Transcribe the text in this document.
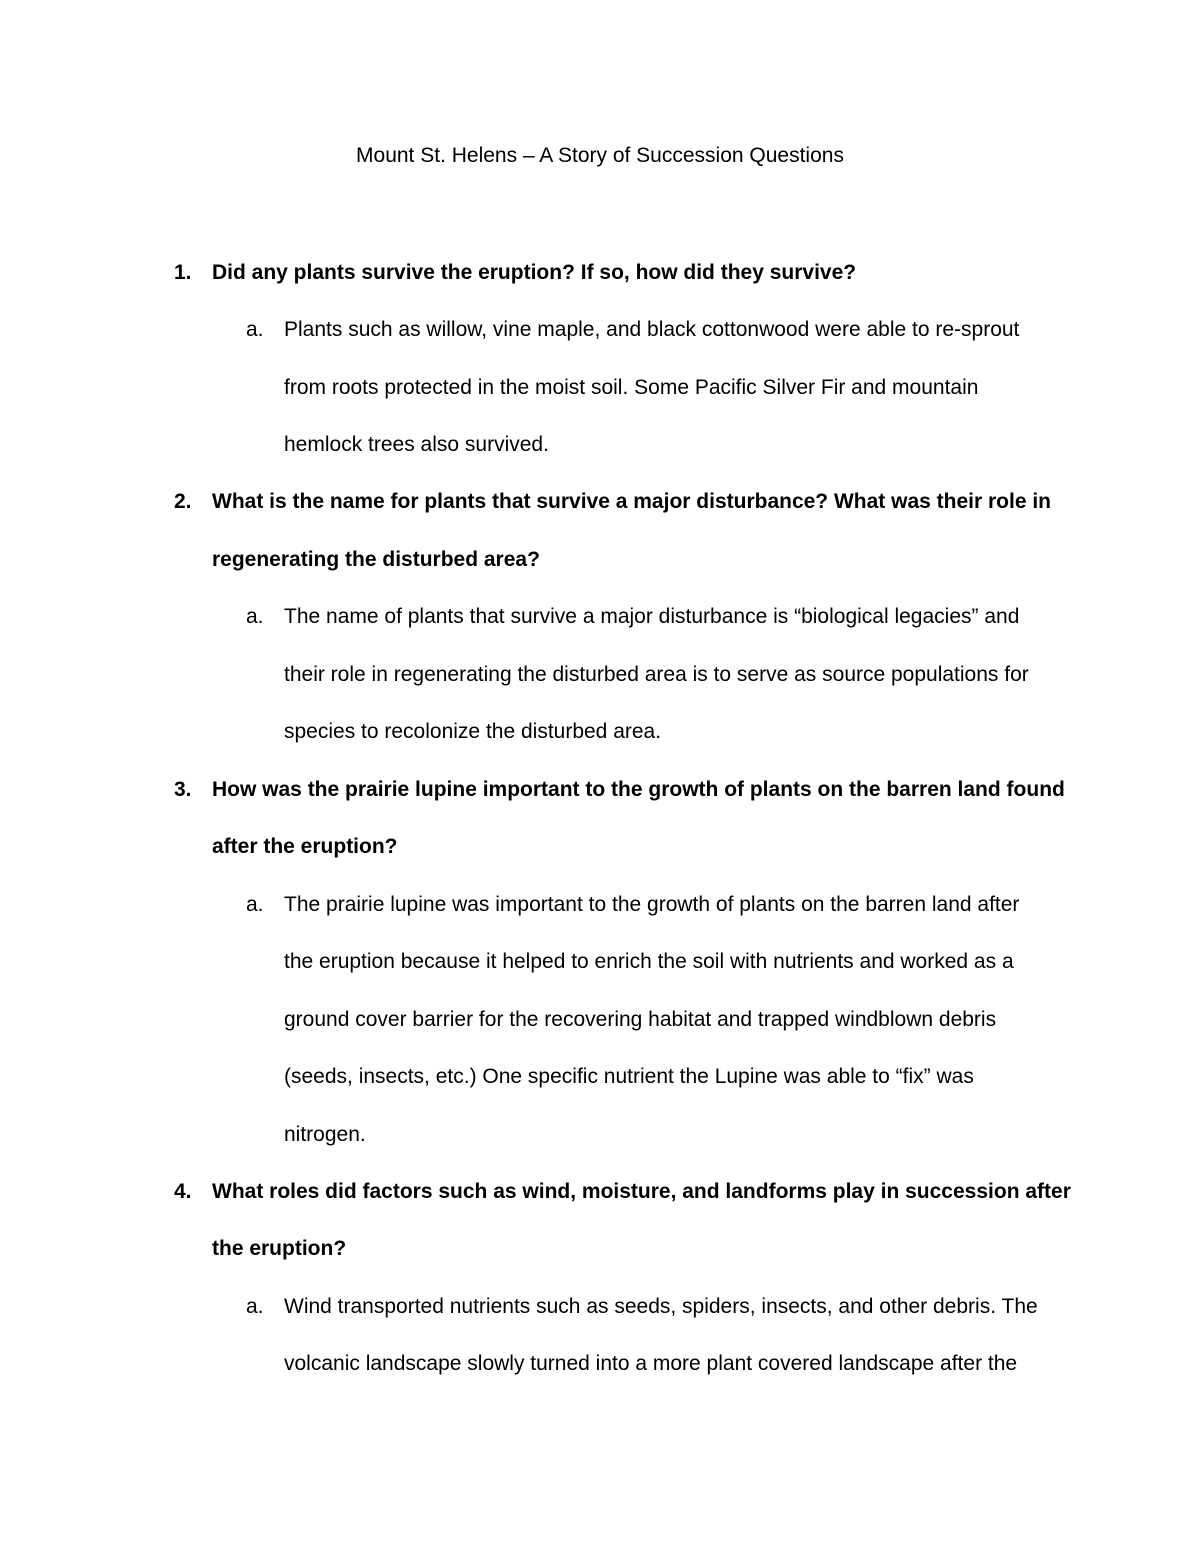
Mount St. Helens – A Story of Succession Questions
1. Did any plants survive the eruption? If so, how did they survive?
a. Plants such as willow, vine maple, and black cottonwood were able to re-sprout
from roots protected in the moist soil. Some Pacific Silver Fir and mountain
hemlock trees also survived.
2. What is the name for plants that survive a major disturbance? What was their role in
regenerating the disturbed area?
a. The name of plants that survive a major disturbance is “biological legacies” and
their role in regenerating the disturbed area is to serve as source populations for
species to recolonize the disturbed area.
3. How was the prairie lupine important to the growth of plants on the barren land found
after the eruption?
a. The prairie lupine was important to the growth of plants on the barren land after
the eruption because it helped to enrich the soil with nutrients and worked as a
ground cover barrier for the recovering habitat and trapped windblown debris
(seeds, insects, etc.) One specific nutrient the Lupine was able to “fix” was
nitrogen.
4. What roles did factors such as wind, moisture, and landforms play in succession after
the eruption?
a. Wind transported nutrients such as seeds, spiders, insects, and other debris. The
volcanic landscape slowly turned into a more plant covered landscape after the
